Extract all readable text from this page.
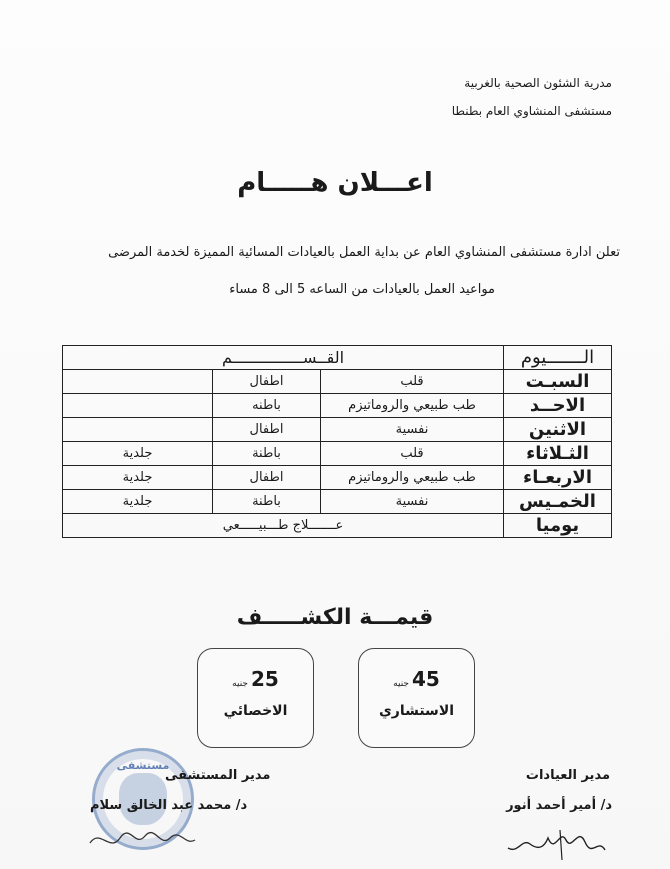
مدرية الشئون الصحية بالغربية
مستشفى المنشاوي العام بطنطا
اعـــلان هـــــام
تعلن ادارة مستشفى المنشاوي العام عن بداية العمل بالعيادات المسائية المميزة لخدمة المرضى
مواعيد العمل بالعيادات من الساعه 5 الى 8 مساء
الـــــــيوم	القــســـــــــــــــم		
السبـت	قلب	اطفال	
الاحــد	طب طبيعي والروماتيزم	باطنه	
الاثنين	نفسية	اطفال	
الثـلاثاء	قلب	باطنة	جلدية
الاربعـاء	طب طبيعي والروماتيزم	اطفال	جلدية
الخمـيس	نفسية	باطنة	جلدية
يوميا	عـــــــلاج طـــبيـــــعي		
قيمـــة الكشـــــف
45جنيه
الاستشاري
25جنيه
الاخصائي
مستشفى
مدير العيادات
د/ أمير أحمد أنور
مدير المستشفى
د/ محمد عبد الخالق سلام
